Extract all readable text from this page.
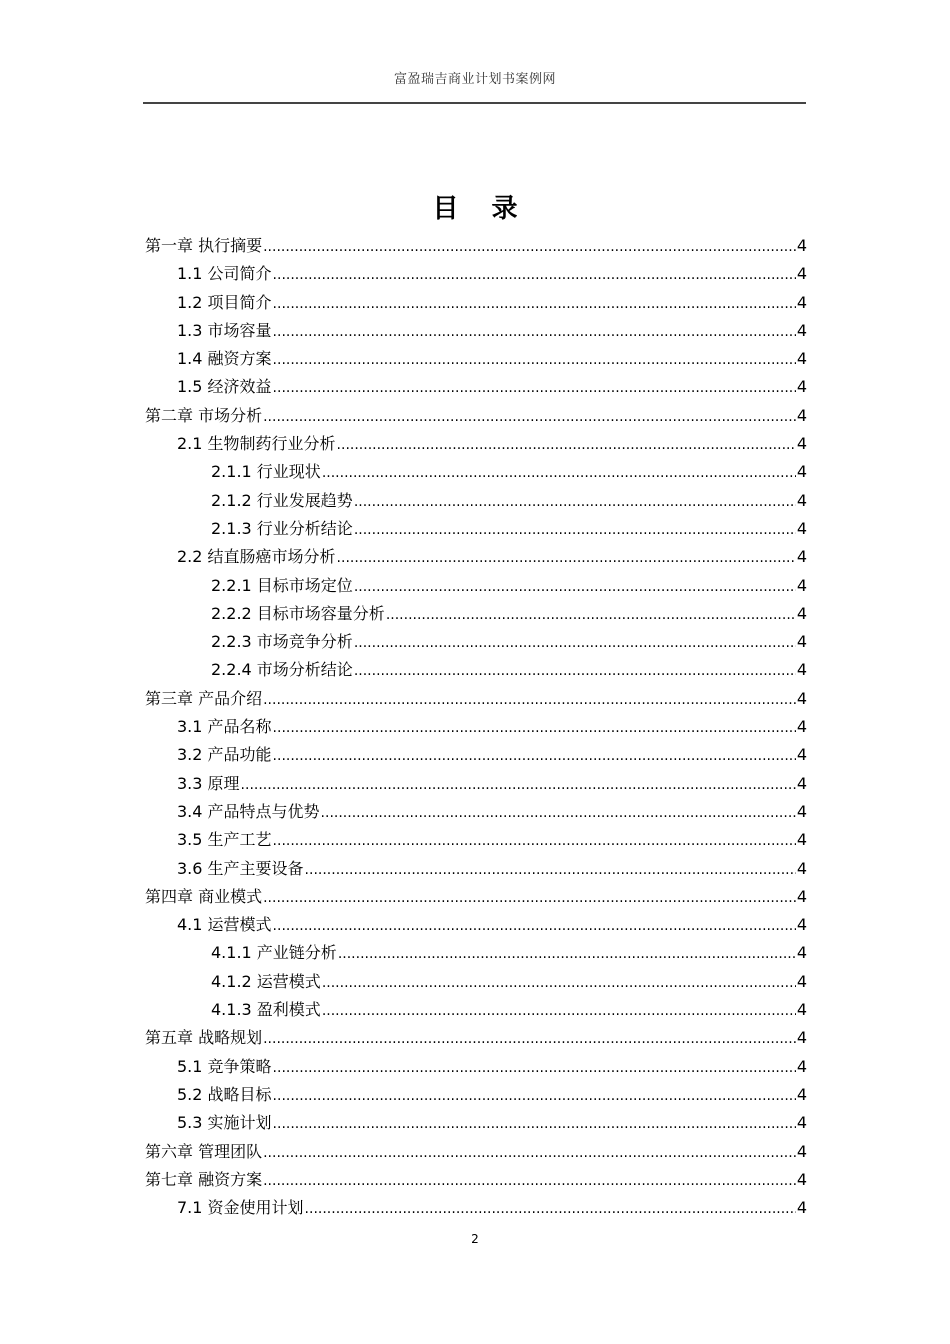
富盈瑞吉商业计划书案例网
目 录
第一章 执行摘要 .....	4
1.1 公司简介 .....	4
1.2 项目简介 .....	4
1.3 市场容量 .....	4
1.4 融资方案 .....	4
1.5 经济效益 .....	4
第二章 市场分析 .....	4
2.1 生物制药行业分析 .....	4
2.1.1 行业现状 .....	4
2.1.2 行业发展趋势 .....	4
2.1.3 行业分析结论 .....	4
2.2 结直肠癌市场分析 .....	4
2.2.1 目标市场定位 .....	4
2.2.2 目标市场容量分析 .....	4
2.2.3 市场竞争分析 .....	4
2.2.4 市场分析结论 .....	4
第三章 产品介绍 .....	4
3.1 产品名称 .....	4
3.2 产品功能 .....	4
3.3 原理 .....	4
3.4 产品特点与优势 .....	4
3.5 生产工艺 .....	4
3.6 生产主要设备 .....	4
第四章 商业模式 .....	4
4.1 运营模式 .....	4
4.1.1 产业链分析 .....	4
4.1.2 运营模式 .....	4
4.1.3 盈利模式 .....	4
第五章 战略规划 .....	4
5.1 竞争策略 .....	4
5.2 战略目标 .....	4
5.3 实施计划 .....	4
第六章 管理团队 .....	4
第七章 融资方案 .....	4
7.1 资金使用计划 .....	4
2
